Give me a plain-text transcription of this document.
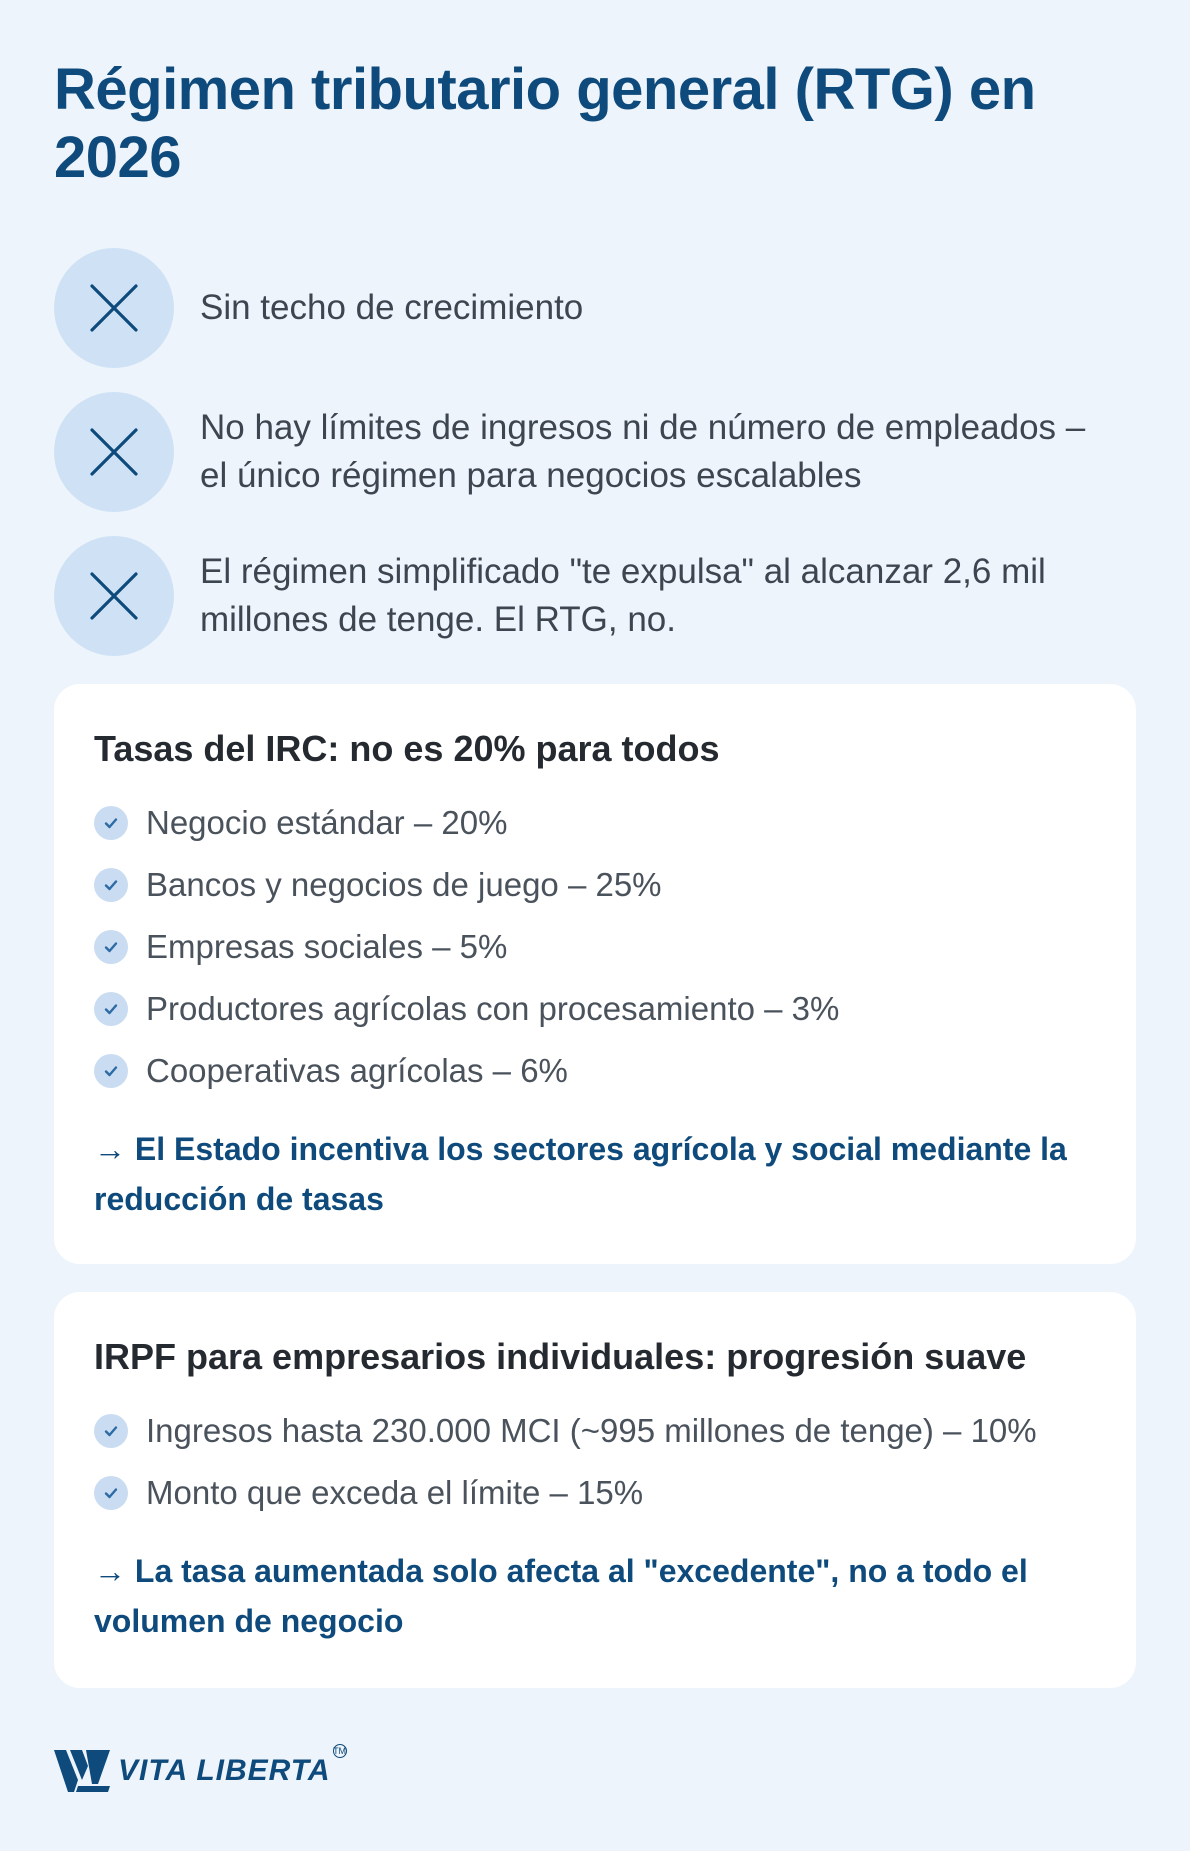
Régimen tributario general (RTG) en 2026
Sin techo de crecimiento
No hay límites de ingresos ni de número de empleados – el único régimen para negocios escalables
El régimen simplificado "te expulsa" al alcanzar 2,6 mil millones de tenge. El RTG, no.
Tasas del IRC: no es 20% para todos
Negocio estándar – 20%
Bancos y negocios de juego – 25%
Empresas sociales – 5%
Productores agrícolas con procesamiento – 3%
Cooperativas agrícolas – 6%
→ El Estado incentiva los sectores agrícola y social mediante la reducción de tasas
IRPF para empresarios individuales: progresión suave
Ingresos hasta 230.000 MCI (~995 millones de tenge) – 10%
Monto que exceda el límite – 15%
→ La tasa aumentada solo afecta al "excedente", no a todo el volumen de negocio
VITA LIBERTA
TM
